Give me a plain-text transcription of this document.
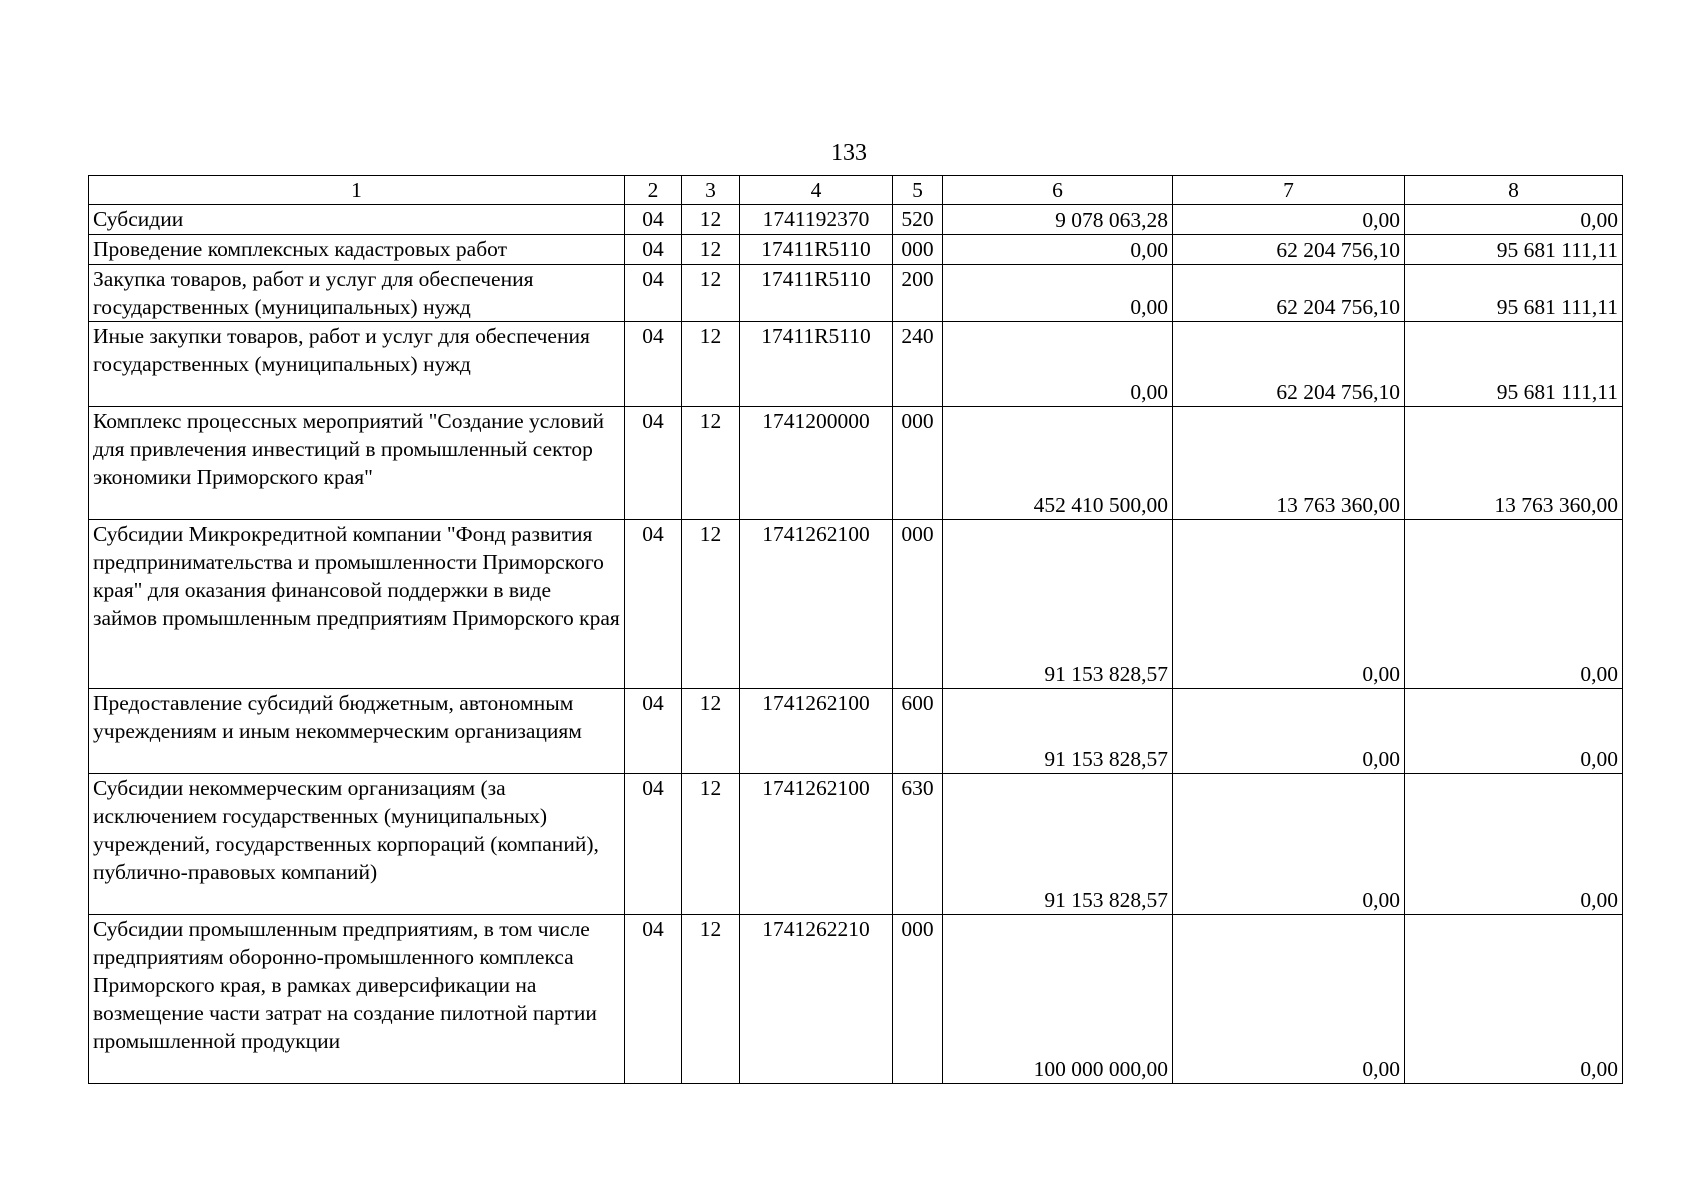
133
1	2	3	4	5	6	7	8
Субсидии	04	12	1741192370	520	9 078 063,28	0,00	0,00
Проведение комплексных кадастровых работ	04	12	17411R5110	000	0,00	62 204 756,10	95 681 111,11
Закупка товаров, работ и услуг для обеспечения государственных (муниципальных) нужд	04	12	17411R5110	200	0,00	62 204 756,10	95 681 111,11
Иные закупки товаров, работ и услуг для обеспечения государственных (муниципальных) нужд	04	12	17411R5110	240	0,00	62 204 756,10	95 681 111,11
Комплекс процессных мероприятий "Создание условий для привлечения инвестиций в промышленный сектор экономики Приморского края"	04	12	1741200000	000	452 410 500,00	13 763 360,00	13 763 360,00
Субсидии Микрокредитной компании "Фонд развития предпринимательства и промышленности Приморского края" для оказания финансовой поддержки в виде займов промышленным предприятиям Приморского края	04	12	1741262100	000	91 153 828,57	0,00	0,00
Предоставление субсидий бюджетным, автономным учреждениям и иным некоммерческим организациям	04	12	1741262100	600	91 153 828,57	0,00	0,00
Субсидии некоммерческим организациям (за исключением государственных (муниципальных) учреждений, государственных корпораций (компаний), публично-правовых компаний)	04	12	1741262100	630	91 153 828,57	0,00	0,00
Субсидии промышленным предприятиям, в том числе предприятиям оборонно-промышленного комплекса Приморского края, в рамках диверсификации на возмещение части затрат на создание пилотной партии промышленной продукции	04	12	1741262210	000	100 000 000,00	0,00	0,00
